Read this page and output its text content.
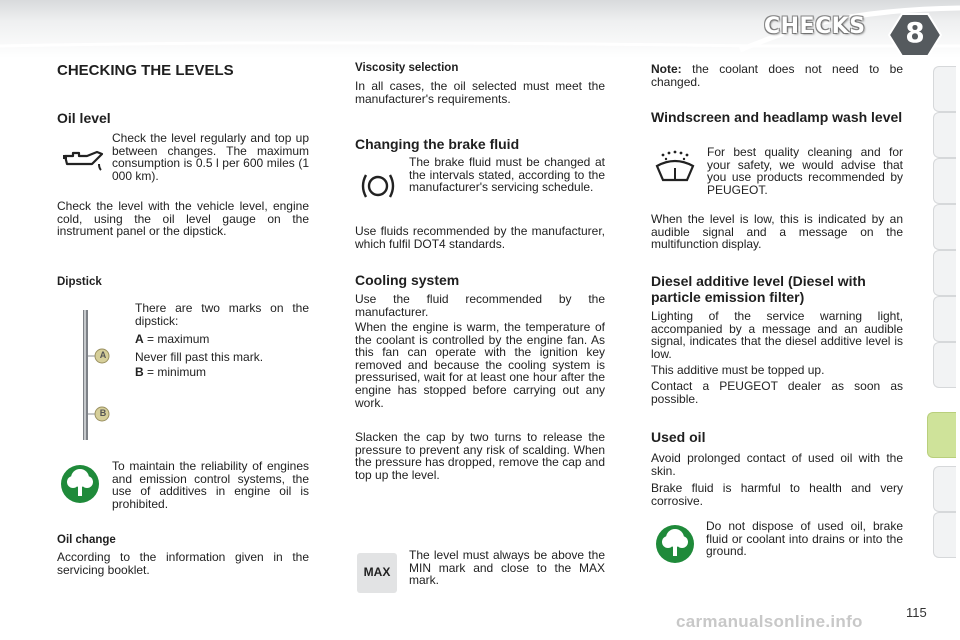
CHECKS	8
CHECKING THE LEVELS
Oil level

Check the level regularly and top up between changes. The maximum consumption is 0.5 l per 600 miles (1 000 km).

Check the level with the vehicle level, engine cold, using the oil level gauge on the instrument panel or the dipstick.

Dipstick
A
B

There are two marks on the dipstick:

A = maximum

Never fill past this mark.

B = minimum

To maintain the reliability of engines and emission control systems, the use of additives in engine oil is prohibited.

Oil change

According to the information given in the servicing booklet.

Viscosity selection

In all cases, the oil selected must meet the manufacturer's requirements.

Changing the brake fluid

The brake fluid must be changed at the intervals stated, according to the manufacturer's servicing schedule.

Use fluids recommended by the manufacturer, which fulfil DOT4 standards.

Cooling system

Use the fluid recommended by the manufacturer.

When the engine is warm, the temperature of the coolant is controlled by the engine fan. As this fan can operate with the ignition key removed and because the cooling system is pressurised, wait for at least one hour after the engine has stopped before carrying out any work.

Slacken the cap by two turns to release the pressure to prevent any risk of scalding. When the pressure has dropped, remove the cap and top up the level.

MAX

The level must always be above the MIN mark and close to the MAX mark.

Note: the coolant does not need to be changed.

Windscreen and headlamp wash level

For best quality cleaning and for your safety, we would advise that you use products recommended by PEUGEOT.

When the level is low, this is indicated by an audible signal and a message on the multifunction display.

Diesel additive level (Diesel with particle emission filter)

Lighting of the service warning light, accompanied by a message and an audible signal, indicates that the diesel additive level is low.

This additive must be topped up.

Contact a PEUGEOT dealer as soon as possible.

Used oil

Avoid prolonged contact of used oil with the skin.

Brake fluid is harmful to health and very corrosive.

Do not dispose of used oil, brake fluid or coolant into drains or into the ground.

carmanualsonline.info	115
